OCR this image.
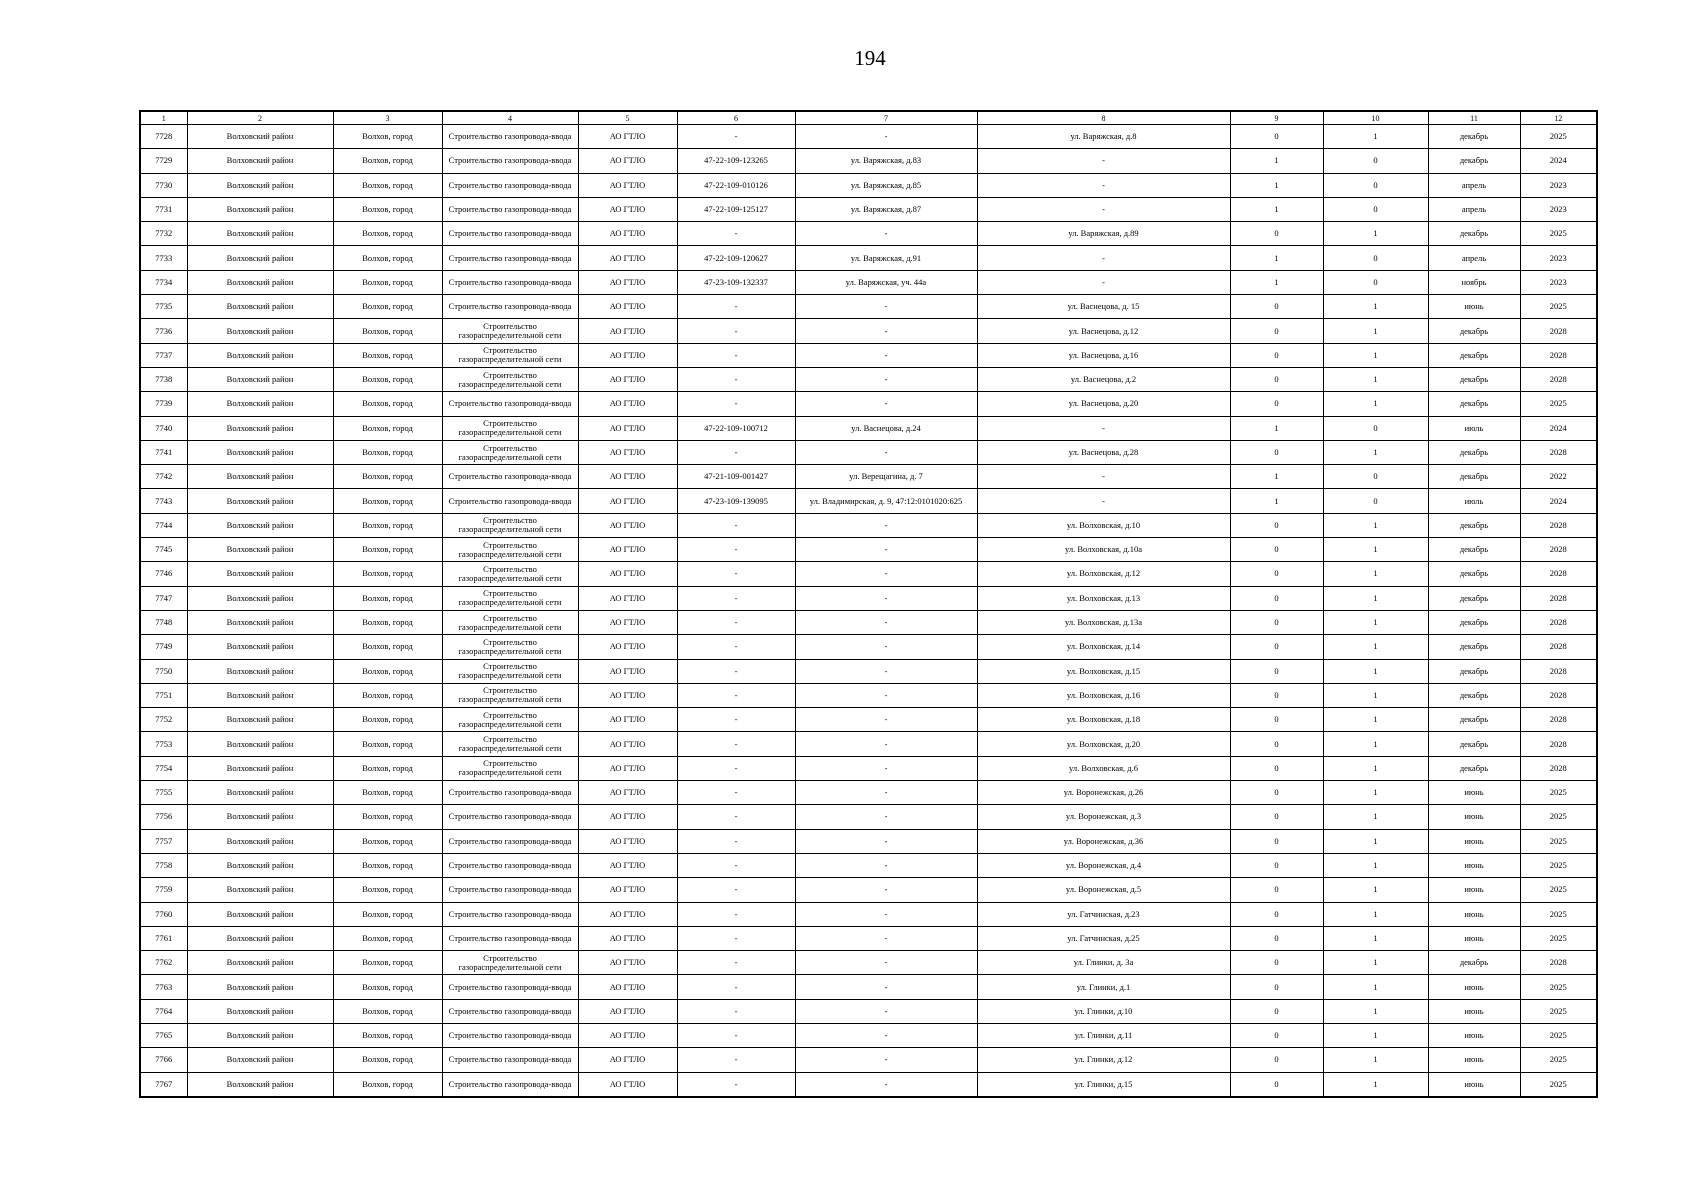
194
1	2	3	4	5	6	7	8	9	10	11	12
7728	Волховский район	Волхов, город	Строительство газопровода-ввода	АО ГТЛО	-	-	ул. Варяжская, д.8	0	1	декабрь	2025
7729	Волховский район	Волхов, город	Строительство газопровода-ввода	АО ГТЛО	47-22-109-123265	ул. Варяжская, д.83	-	1	0	декабрь	2024
7730	Волховский район	Волхов, город	Строительство газопровода-ввода	АО ГТЛО	47-22-109-010126	ул. Варяжская, д.85	-	1	0	апрель	2023
7731	Волховский район	Волхов, город	Строительство газопровода-ввода	АО ГТЛО	47-22-109-125127	ул. Варяжская, д.87	-	1	0	апрель	2023
7732	Волховский район	Волхов, город	Строительство газопровода-ввода	АО ГТЛО	-	-	ул. Варяжская, д.89	0	1	декабрь	2025
7733	Волховский район	Волхов, город	Строительство газопровода-ввода	АО ГТЛО	47-22-109-120627	ул. Варяжская, д.91	-	1	0	апрель	2023
7734	Волховский район	Волхов, город	Строительство газопровода-ввода	АО ГТЛО	47-23-109-132337	ул. Варяжская, уч. 44а	-	1	0	ноябрь	2023
7735	Волховский район	Волхов, город	Строительство газопровода-ввода	АО ГТЛО	-	-	ул. Васнецова, д. 15	0	1	июнь	2025
7736	Волховский район	Волхов, город	Строительство газораспределительной сети	АО ГТЛО	-	-	ул. Васнецова, д.12	0	1	декабрь	2028
7737	Волховский район	Волхов, город	Строительство газораспределительной сети	АО ГТЛО	-	-	ул. Васнецова, д.16	0	1	декабрь	2028
7738	Волховский район	Волхов, город	Строительство газораспределительной сети	АО ГТЛО	-	-	ул. Васнецова, д.2	0	1	декабрь	2028
7739	Волховский район	Волхов, город	Строительство газопровода-ввода	АО ГТЛО	-	-	ул. Васнецова, д.20	0	1	декабрь	2025
7740	Волховский район	Волхов, город	Строительство газораспределительной сети	АО ГТЛО	47-22-109-100712	ул. Васнецова, д.24	-	1	0	июль	2024
7741	Волховский район	Волхов, город	Строительство газораспределительной сети	АО ГТЛО	-	-	ул. Васнецова, д.28	0	1	декабрь	2028
7742	Волховский район	Волхов, город	Строительство газопровода-ввода	АО ГТЛО	47-21-109-001427	ул. Верещагина, д. 7	-	1	0	декабрь	2022
7743	Волховский район	Волхов, город	Строительство газопровода-ввода	АО ГТЛО	47-23-109-139095	ул. Владимирская, д. 9, 47:12:0101020:625	-	1	0	июль	2024
7744	Волховский район	Волхов, город	Строительство газораспределительной сети	АО ГТЛО	-	-	ул. Волховская, д.10	0	1	декабрь	2028
7745	Волховский район	Волхов, город	Строительство газораспределительной сети	АО ГТЛО	-	-	ул. Волховская, д.10а	0	1	декабрь	2028
7746	Волховский район	Волхов, город	Строительство газораспределительной сети	АО ГТЛО	-	-	ул. Волховская, д.12	0	1	декабрь	2028
7747	Волховский район	Волхов, город	Строительство газораспределительной сети	АО ГТЛО	-	-	ул. Волховская, д.13	0	1	декабрь	2028
7748	Волховский район	Волхов, город	Строительство газораспределительной сети	АО ГТЛО	-	-	ул. Волховская, д.13а	0	1	декабрь	2028
7749	Волховский район	Волхов, город	Строительство газораспределительной сети	АО ГТЛО	-	-	ул. Волховская, д.14	0	1	декабрь	2028
7750	Волховский район	Волхов, город	Строительство газораспределительной сети	АО ГТЛО	-	-	ул. Волховская, д.15	0	1	декабрь	2028
7751	Волховский район	Волхов, город	Строительство газораспределительной сети	АО ГТЛО	-	-	ул. Волховская, д.16	0	1	декабрь	2028
7752	Волховский район	Волхов, город	Строительство газораспределительной сети	АО ГТЛО	-	-	ул. Волховская, д.18	0	1	декабрь	2028
7753	Волховский район	Волхов, город	Строительство газораспределительной сети	АО ГТЛО	-	-	ул. Волховская, д.20	0	1	декабрь	2028
7754	Волховский район	Волхов, город	Строительство газораспределительной сети	АО ГТЛО	-	-	ул. Волховская, д.6	0	1	декабрь	2028
7755	Волховский район	Волхов, город	Строительство газопровода-ввода	АО ГТЛО	-	-	ул. Воронежская, д.26	0	1	июнь	2025
7756	Волховский район	Волхов, город	Строительство газопровода-ввода	АО ГТЛО	-	-	ул. Воронежская, д.3	0	1	июнь	2025
7757	Волховский район	Волхов, город	Строительство газопровода-ввода	АО ГТЛО	-	-	ул. Воронежская, д.36	0	1	июнь	2025
7758	Волховский район	Волхов, город	Строительство газопровода-ввода	АО ГТЛО	-	-	ул. Воронежская, д.4	0	1	июнь	2025
7759	Волховский район	Волхов, город	Строительство газопровода-ввода	АО ГТЛО	-	-	ул. Воронежская, д.5	0	1	июнь	2025
7760	Волховский район	Волхов, город	Строительство газопровода-ввода	АО ГТЛО	-	-	ул. Гатчинская, д.23	0	1	июнь	2025
7761	Волховский район	Волхов, город	Строительство газопровода-ввода	АО ГТЛО	-	-	ул. Гатчинская, д.25	0	1	июнь	2025
7762	Волховский район	Волхов, город	Строительство газораспределительной сети	АО ГТЛО	-	-	ул. Глинки, д. 3а	0	1	декабрь	2028
7763	Волховский район	Волхов, город	Строительство газопровода-ввода	АО ГТЛО	-	-	ул. Глинки, д.1	0	1	июнь	2025
7764	Волховский район	Волхов, город	Строительство газопровода-ввода	АО ГТЛО	-	-	ул. Глинки, д.10	0	1	июнь	2025
7765	Волховский район	Волхов, город	Строительство газопровода-ввода	АО ГТЛО	-	-	ул. Глинки, д.11	0	1	июнь	2025
7766	Волховский район	Волхов, город	Строительство газопровода-ввода	АО ГТЛО	-	-	ул. Глинки, д.12	0	1	июнь	2025
7767	Волховский район	Волхов, город	Строительство газопровода-ввода	АО ГТЛО	-	-	ул. Глинки, д.15	0	1	июнь	2025
